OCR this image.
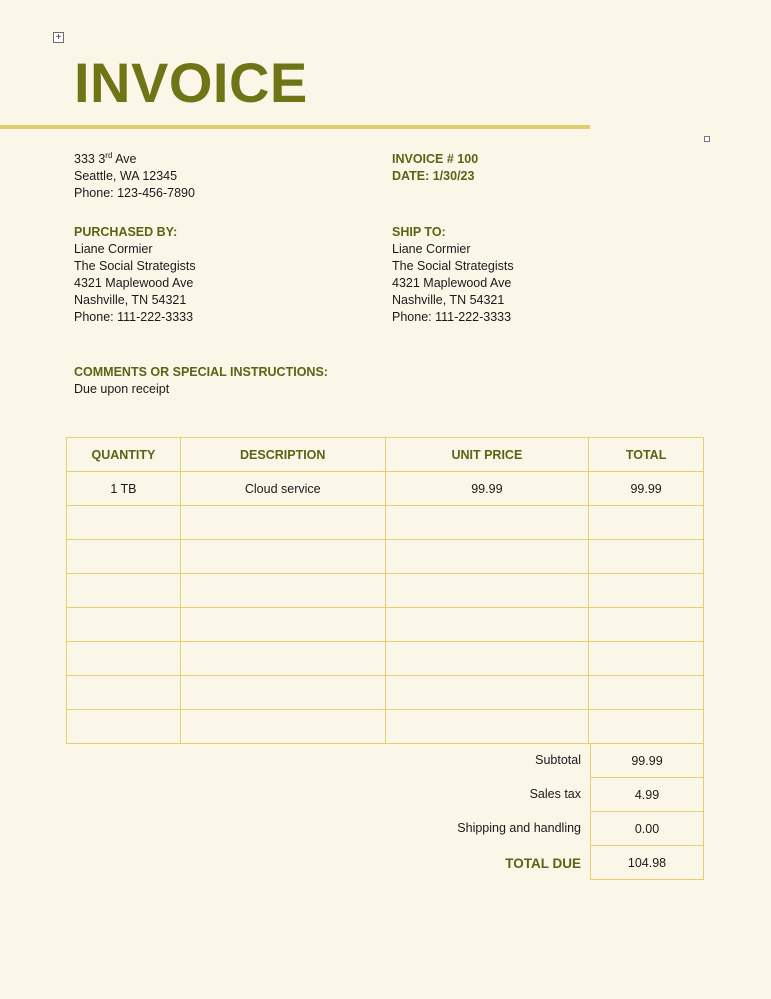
+
INVOICE
333 3rd Ave
Seattle, WA 12345
Phone: 123-456-7890
INVOICE # 100
DATE: 1/30/23
PURCHASED BY:
Liane Cormier
The Social Strategists
4321 Maplewood Ave
Nashville, TN 54321
Phone: 111-222-3333
SHIP TO:
Liane Cormier
The Social Strategists
4321 Maplewood Ave
Nashville, TN 54321
Phone: 111-222-3333
COMMENTS OR SPECIAL INSTRUCTIONS:
Due upon receipt
QUANTITY	DESCRIPTION	UNIT PRICE	TOTAL
1 TB	Cloud service	99.99	99.99

Subtotal	99.99
Sales tax	4.99
Shipping and handling	0.00
TOTAL DUE	104.98
